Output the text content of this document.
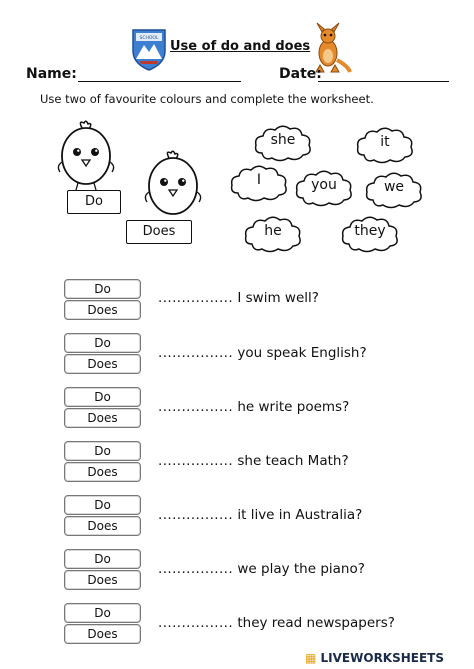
SCHOOL
Use of do and does
Name:	Date:
Use two of favourite colours and complete the worksheet.
Do
Does
she	it
I	you	we
he	they
Do
Does
................ I swim well?
Do
Does
................ you speak English?
Do
Does
................ he write poems?
Do
Does
................ she teach Math?
Do
Does
................ it live in Australia?
Do
Does
................ we play the piano?
Do
Does
................ they read newspapers?
▦ LIVEWORKSHEETS
